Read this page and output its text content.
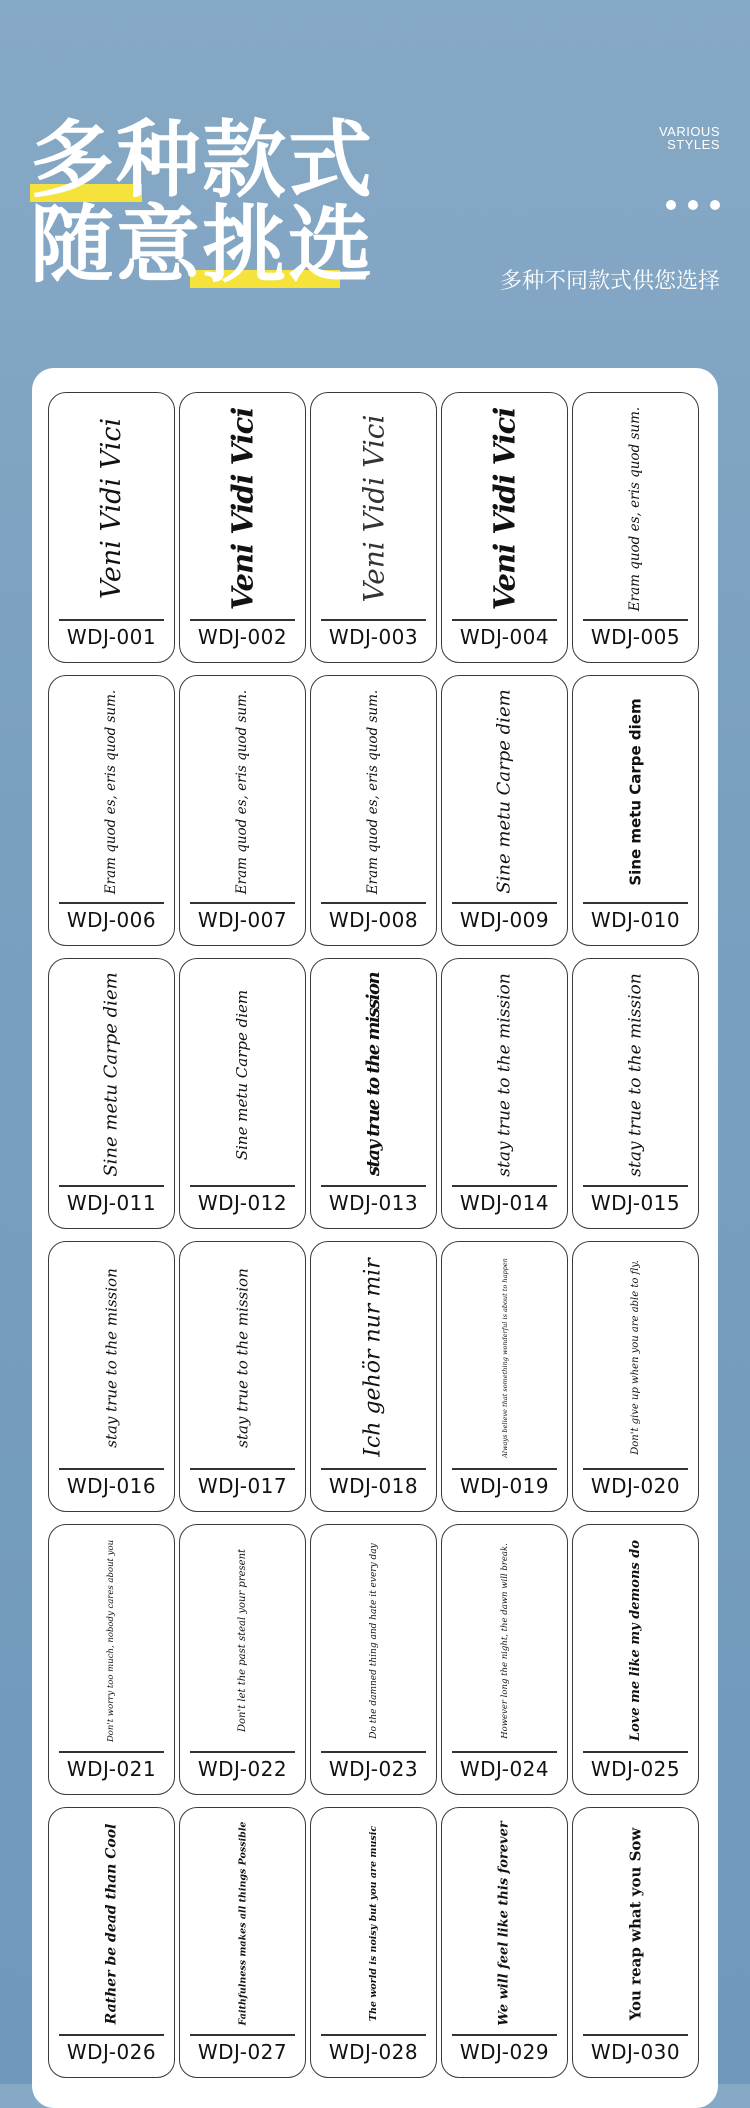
多种款式
随意挑选

VARIOUS
STYLES

多种不同款式供您选择

Veni Vidi Vici
WDJ-001
Veni Vidi Vici
WDJ-002
Veni Vidi Vici
WDJ-003
Veni Vidi Vici
WDJ-004
Eram quod es, eris quod sum.
WDJ-005
Eram quod es, eris quod sum.
WDJ-006
Eram quod es, eris quod sum.
WDJ-007
Eram quod es, eris quod sum.
WDJ-008
Sine metu Carpe diem
WDJ-009
Sine metu Carpe diem
WDJ-010
Sine metu Carpe diem
WDJ-011
Sine metu Carpe diem
WDJ-012
stay true to the mission
WDJ-013
stay true to the mission
WDJ-014
stay true to the mission
WDJ-015
stay true to the mission
WDJ-016
stay true to the mission
WDJ-017
Ich gehör nur mir
WDJ-018
Always believe that something wonderful is about to happen
WDJ-019
Don't give up when you are able to fly.
WDJ-020
Don't worry too much, nobody cares about you
WDJ-021
Don't let the past steal your present
WDJ-022
Do the damned thing and hate it every day
WDJ-023
However long the night, the dawn will break.
WDJ-024
Love me like my demons do
WDJ-025
Rather be dead than Cool
WDJ-026
Faithfulness makes all things Possible
WDJ-027
The world is noisy but you are music
WDJ-028
We will feel like this forever
WDJ-029
You reap what you Sow
WDJ-030
